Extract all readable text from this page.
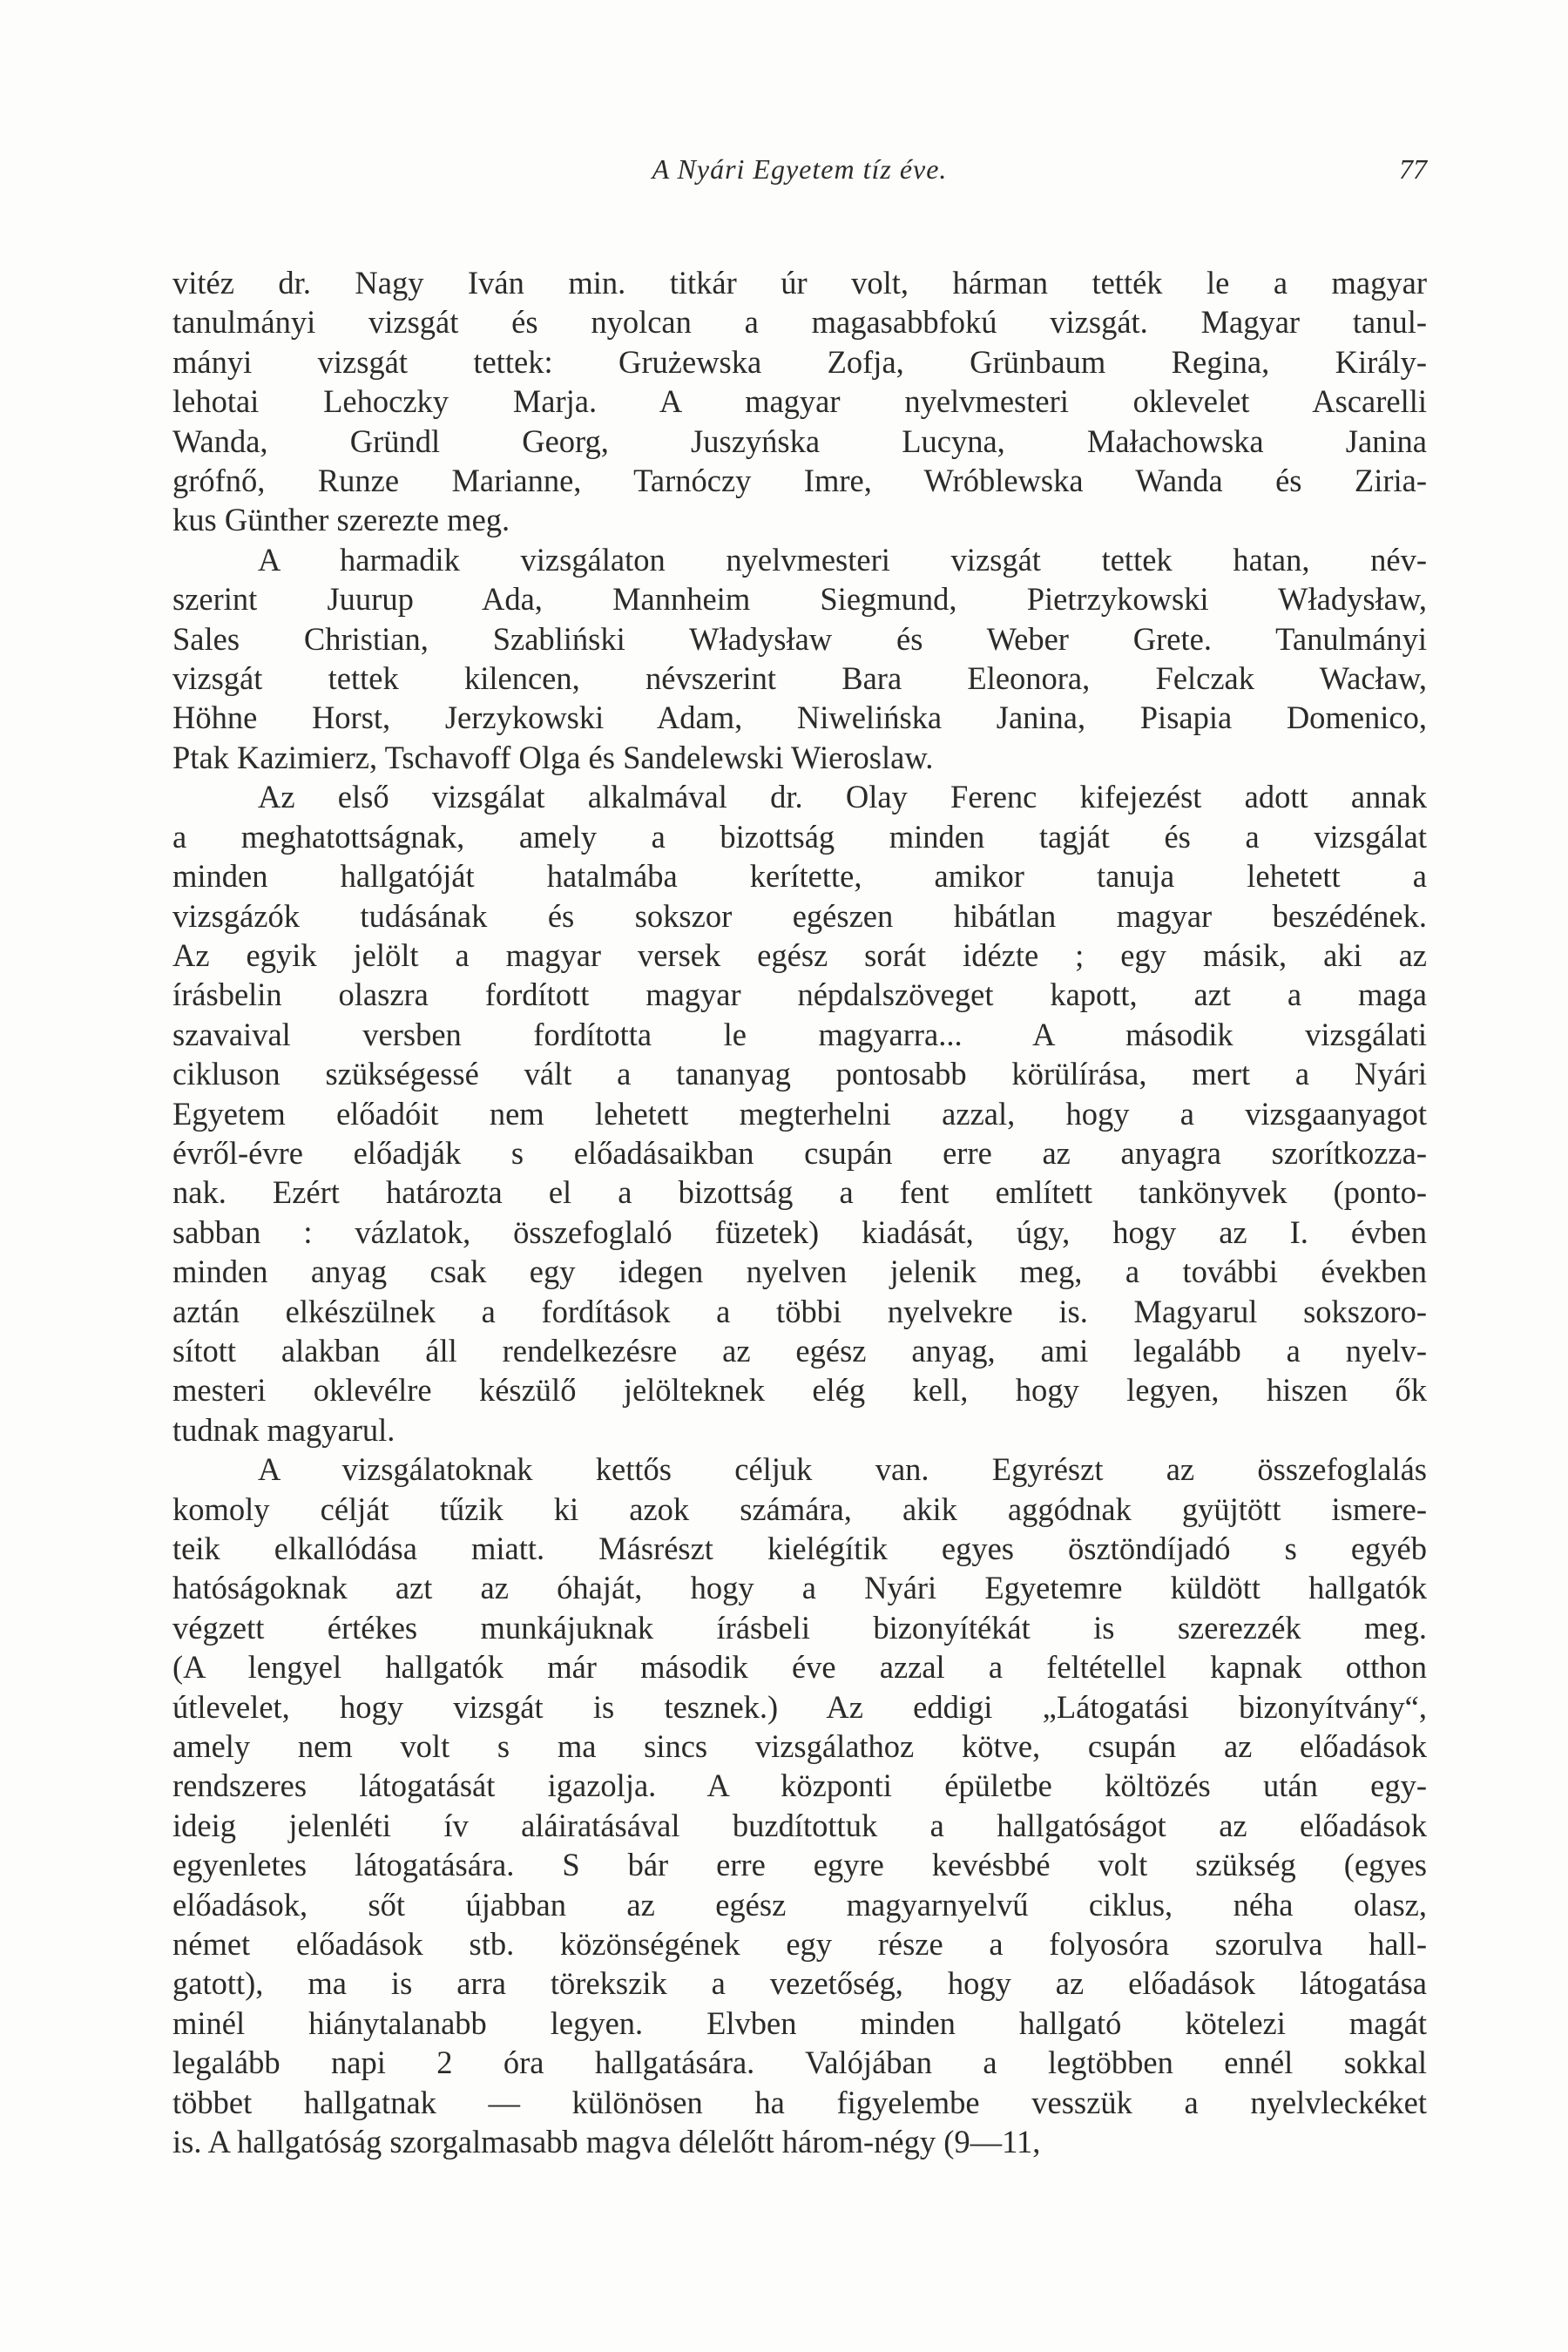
A Nyári Egyetem tíz éve.	77

vitéz dr. Nagy Iván min. titkár úr volt, hárman tették le a magyar
tanulmányi vizsgát és nyolcan a magasabbfokú vizsgát. Magyar tanul-
mányi vizsgát tettek: Grużewska Zofja, Grünbaum Regina, Király-
lehotai Lehoczky Marja. A magyar nyelvmesteri oklevelet Ascarelli
Wanda, Gründl Georg, Juszyńska Lucyna, Małachowska Janina
grófnő, Runze Marianne, Tarnóczy Imre, Wróblewska Wanda és Ziria-
kus Günther szerezte meg.

A harmadik vizsgálaton nyelvmesteri vizsgát tettek hatan, név-
szerint Juurup Ada, Mannheim Siegmund, Pietrzykowski Władysław,
Sales Christian, Szabliński Władysław és Weber Grete. Tanulmányi
vizsgát tettek kilencen, névszerint Bara Eleonora, Felczak Wacław,
Höhne Horst, Jerzykowski Adam, Niwelińska Janina, Pisapia Domenico,
Ptak Kazimierz, Tschavoff Olga és Sandelewski Wieroslaw.

Az első vizsgálat alkalmával dr. Olay Ferenc kifejezést adott annak
a meghatottságnak, amely a bizottság minden tagját és a vizsgálat
minden hallgatóját hatalmába kerítette, amikor tanuja lehetett a
vizsgázók tudásának és sokszor egészen hibátlan magyar beszédének.
Az egyik jelölt a magyar versek egész sorát idézte ; egy másik, aki az
írásbelin olaszra fordított magyar népdalszöveget kapott, azt a maga
szavaival versben fordította le magyarra... A második vizsgálati
cikluson szükségessé vált a tananyag pontosabb körülírása, mert a Nyári
Egyetem előadóit nem lehetett megterhelni azzal, hogy a vizsgaanyagot
évről-évre előadják s előadásaikban csupán erre az anyagra szorítkozza-
nak. Ezért határozta el a bizottság a fent említett tankönyvek (ponto-
sabban : vázlatok, összefoglaló füzetek) kiadását, úgy, hogy az I. évben
minden anyag csak egy idegen nyelven jelenik meg, a további években
aztán elkészülnek a fordítások a többi nyelvekre is. Magyarul sokszoro-
sított alakban áll rendelkezésre az egész anyag, ami legalább a nyelv-
mesteri oklevélre készülő jelölteknek elég kell, hogy legyen, hiszen ők
tudnak magyarul.

A vizsgálatoknak kettős céljuk van. Egyrészt az összefoglalás
komoly célját tűzik ki azok számára, akik aggódnak gyüjtött ismere-
teik elkallódása miatt. Másrészt kielégítik egyes ösztöndíjadó s egyéb
hatóságoknak azt az óhaját, hogy a Nyári Egyetemre küldött hallgatók
végzett értékes munkájuknak írásbeli bizonyítékát is szerezzék meg.
(A lengyel hallgatók már második éve azzal a feltétellel kapnak otthon
útlevelet, hogy vizsgát is tesznek.) Az eddigi „Látogatási bizonyítvány“,
amely nem volt s ma sincs vizsgálathoz kötve, csupán az előadások
rendszeres látogatását igazolja. A központi épületbe költözés után egy-
ideig jelenléti ív aláiratásával buzdítottuk a hallgatóságot az előadások
egyenletes látogatására. S bár erre egyre kevésbbé volt szükség (egyes
előadások, sőt újabban az egész magyarnyelvű ciklus, néha olasz,
német előadások stb. közönségének egy része a folyosóra szorulva hall-
gatott), ma is arra törekszik a vezetőség, hogy az előadások látogatása
minél hiánytalanabb legyen. Elvben minden hallgató kötelezi magát
legalább napi 2 óra hallgatására. Valójában a legtöbben ennél sokkal
többet hallgatnak — különösen ha figyelembe vesszük a nyelvleckéket
is. A hallgatóság szorgalmasabb magva délelőtt három-négy (9—11,
